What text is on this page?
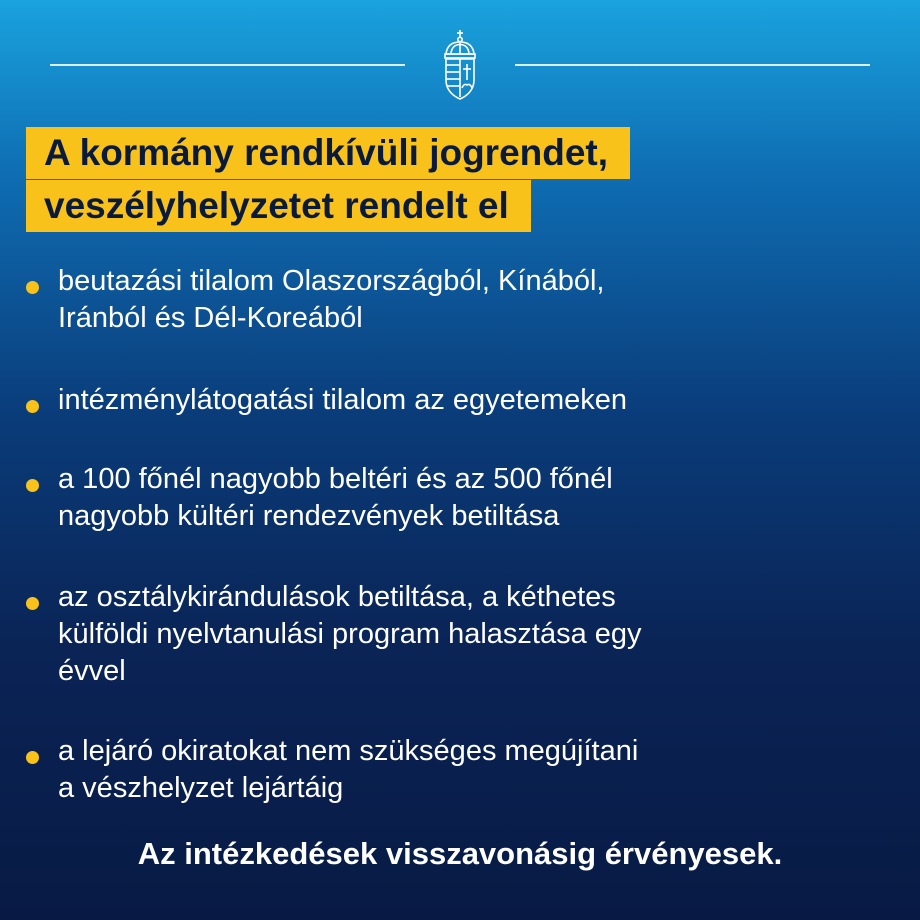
A kormány rendkívüli jogrendet,
veszélyhelyzetet rendelt el
beutazási tilalom Olaszországból, Kínából,
Iránból és Dél-Koreából
intézménylátogatási tilalom az egyetemeken
a 100 főnél nagyobb beltéri és az 500 főnél
nagyobb kültéri rendezvények betiltása
az osztálykirándulások betiltása, a kéthetes
külföldi nyelvtanulási program halasztása egy
évvel
a lejáró okiratokat nem szükséges megújítani
a vészhelyzet lejártáig
Az intézkedések visszavonásig érvényesek.
